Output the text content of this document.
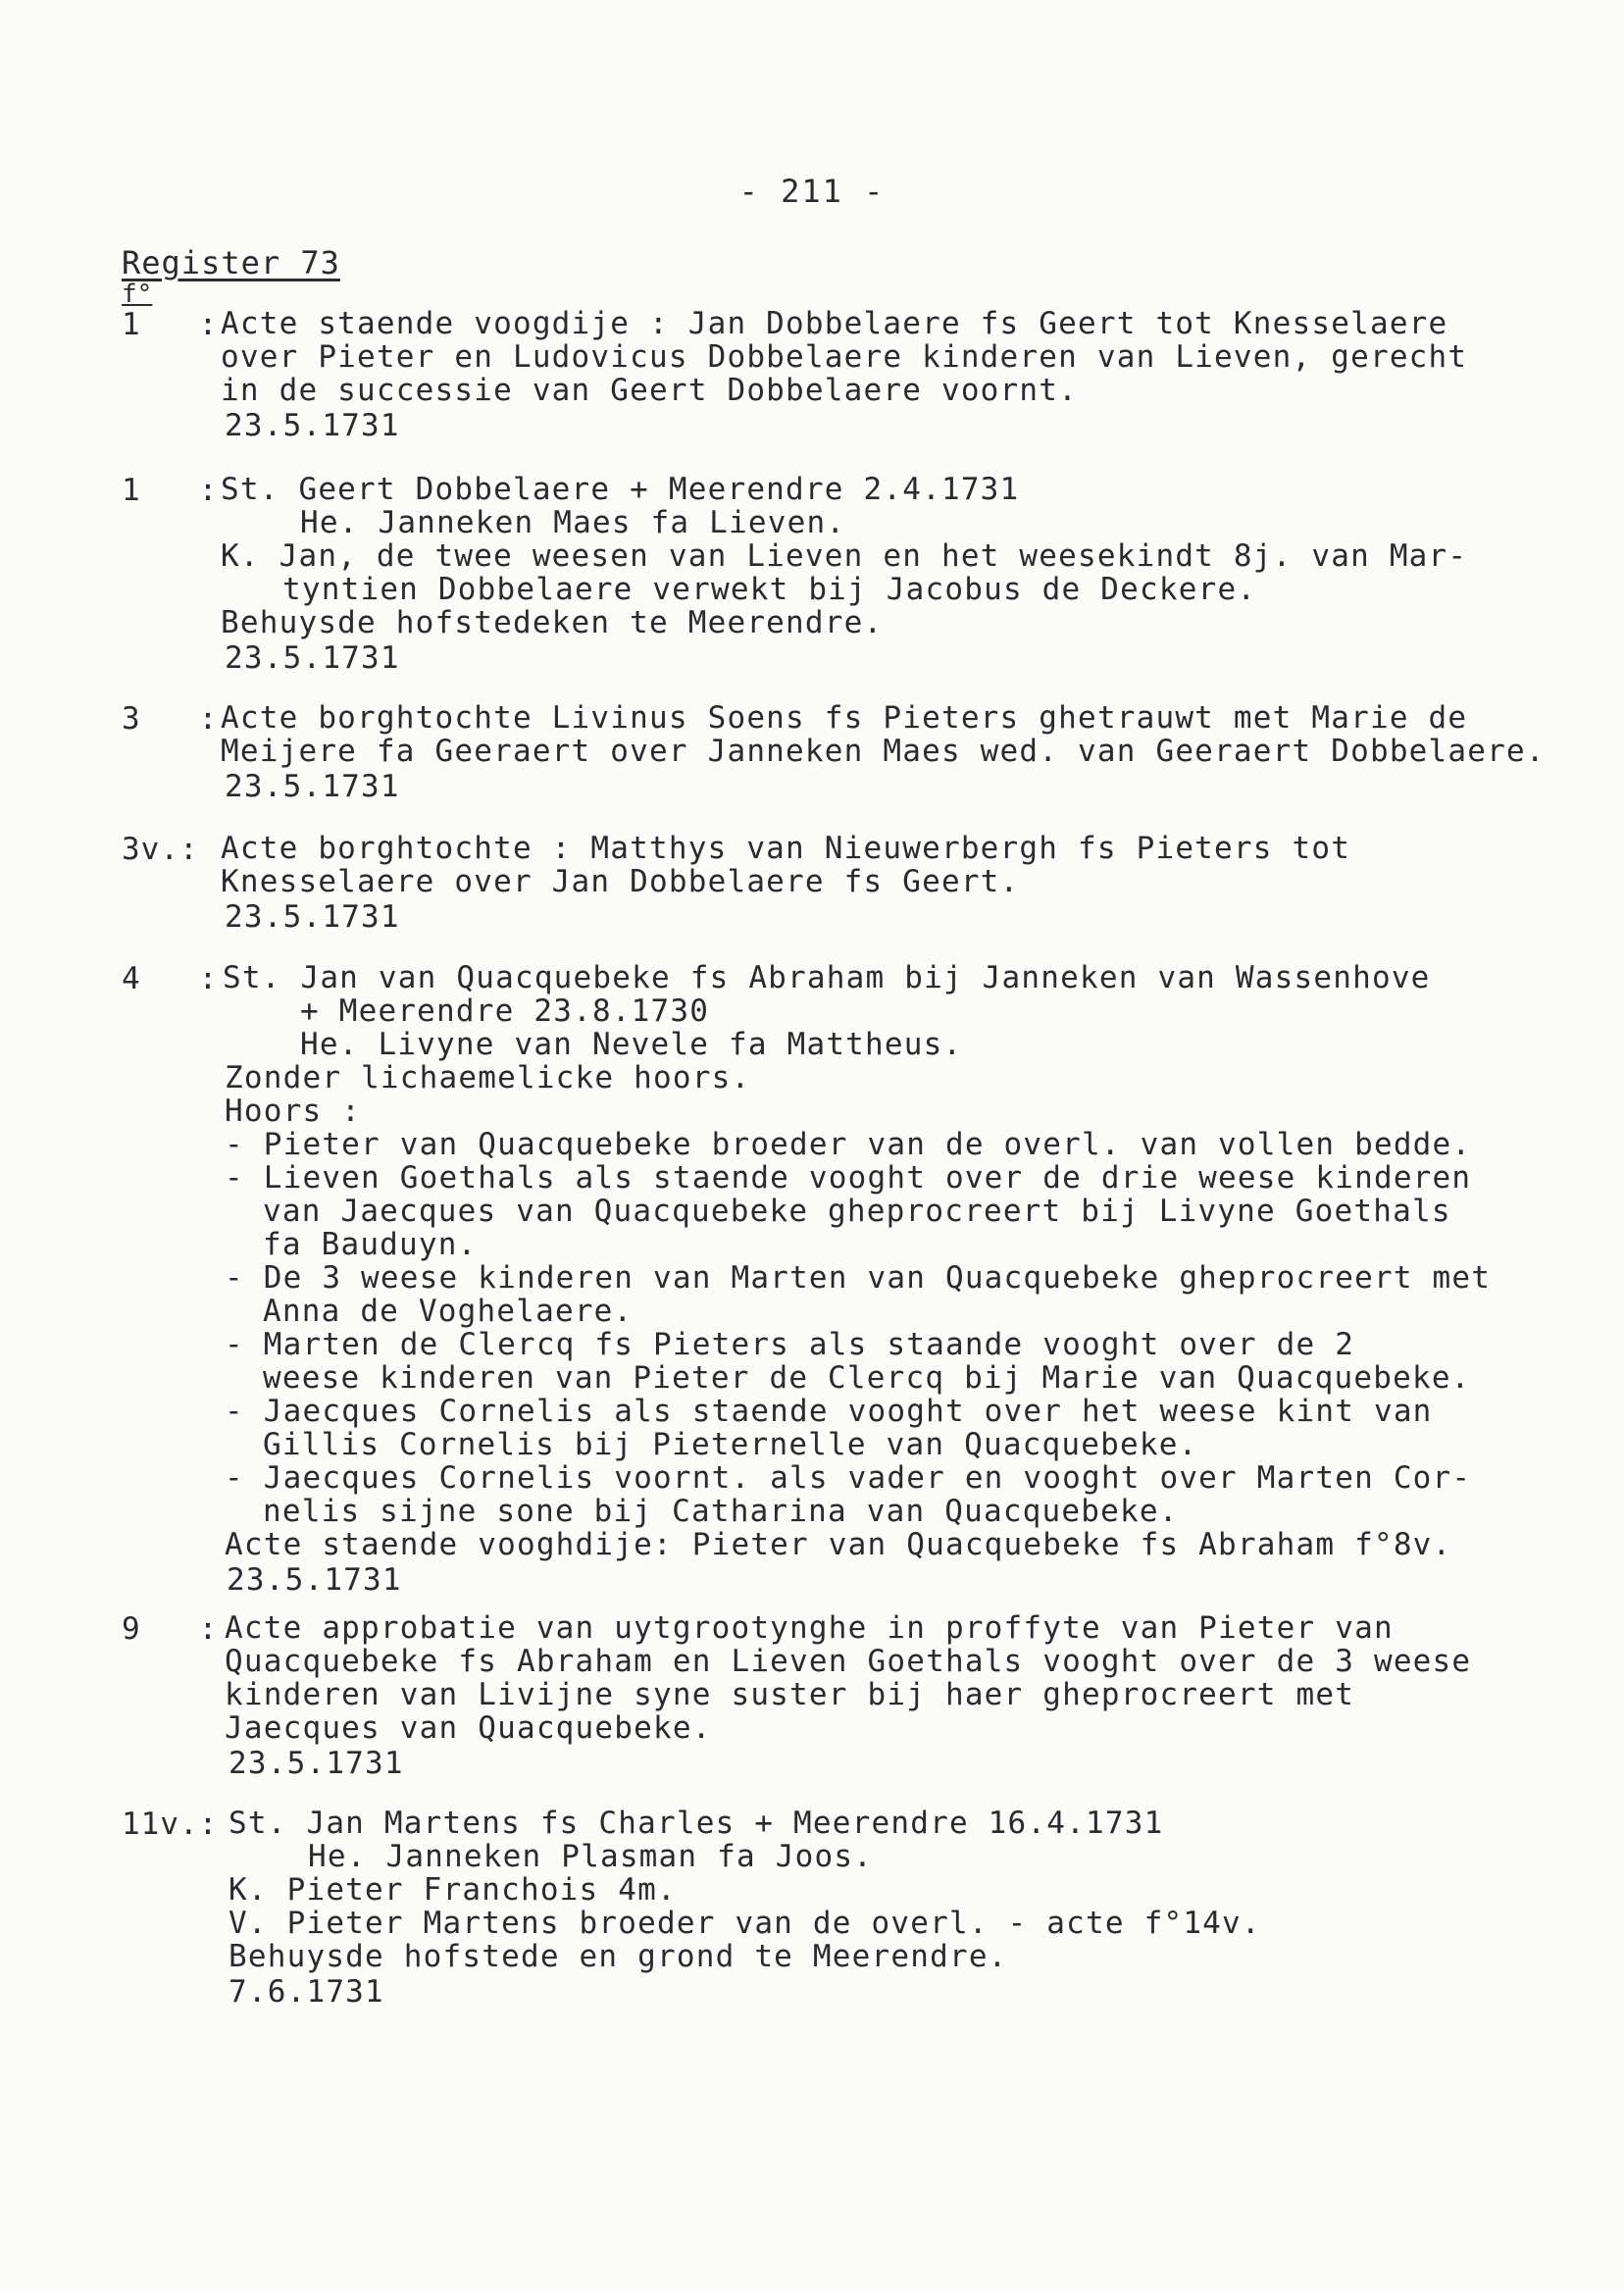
- 211 -
Register 73
f°
1   : Acte staende voogdije : Jan Dobbelaere fs Geert tot Knesselaere
over Pieter en Ludovicus Dobbelaere kinderen van Lieven, gerecht
in de successie van Geert Dobbelaere voornt.
23.5.1731
1   : St. Geert Dobbelaere + Meerendre 2.4.1731
He. Janneken Maes fa Lieven.
K. Jan, de twee weesen van Lieven en het weesekindt 8j. van Mar-
tyntien Dobbelaere verwekt bij Jacobus de Deckere.
Behuysde hofstedeken te Meerendre.
23.5.1731
3   : Acte borghtochte Livinus Soens fs Pieters ghetrauwt met Marie de
Meijere fa Geeraert over Janneken Maes wed. van Geeraert Dobbelaere.
23.5.1731
3v.: Acte borghtochte : Matthys van Nieuwerbergh fs Pieters tot
Knesselaere over Jan Dobbelaere fs Geert.
23.5.1731
4   : St. Jan van Quacquebeke fs Abraham bij Janneken van Wassenhove
+ Meerendre 23.8.1730
He. Livyne van Nevele fa Mattheus.
Zonder lichaemelicke hoors.
Hoors :
- Pieter van Quacquebeke broeder van de overl. van vollen bedde.
- Lieven Goethals als staende vooght over de drie weese kinderen
van Jaecques van Quacquebeke gheprocreert bij Livyne Goethals
fa Bauduyn.
- De 3 weese kinderen van Marten van Quacquebeke gheprocreert met
Anna de Voghelaere.
- Marten de Clercq fs Pieters als staande vooght over de 2
weese kinderen van Pieter de Clercq bij Marie van Quacquebeke.
- Jaecques Cornelis als staende vooght over het weese kint van
Gillis Cornelis bij Pieternelle van Quacquebeke.
- Jaecques Cornelis voornt. als vader en vooght over Marten Cor-
nelis sijne sone bij Catharina van Quacquebeke.
Acte staende vooghdije: Pieter van Quacquebeke fs Abraham f°8v.
23.5.1731
9   : Acte approbatie van uytgrootynghe in proffyte van Pieter van
Quacquebeke fs Abraham en Lieven Goethals vooght over de 3 weese
kinderen van Livijne syne suster bij haer gheprocreert met
Jaecques van Quacquebeke.
23.5.1731
11v.: St. Jan Martens fs Charles + Meerendre 16.4.1731
He. Janneken Plasman fa Joos.
K. Pieter Franchois 4m.
V. Pieter Martens broeder van de overl. - acte f°14v.
Behuysde hofstede en grond te Meerendre.
7.6.1731
